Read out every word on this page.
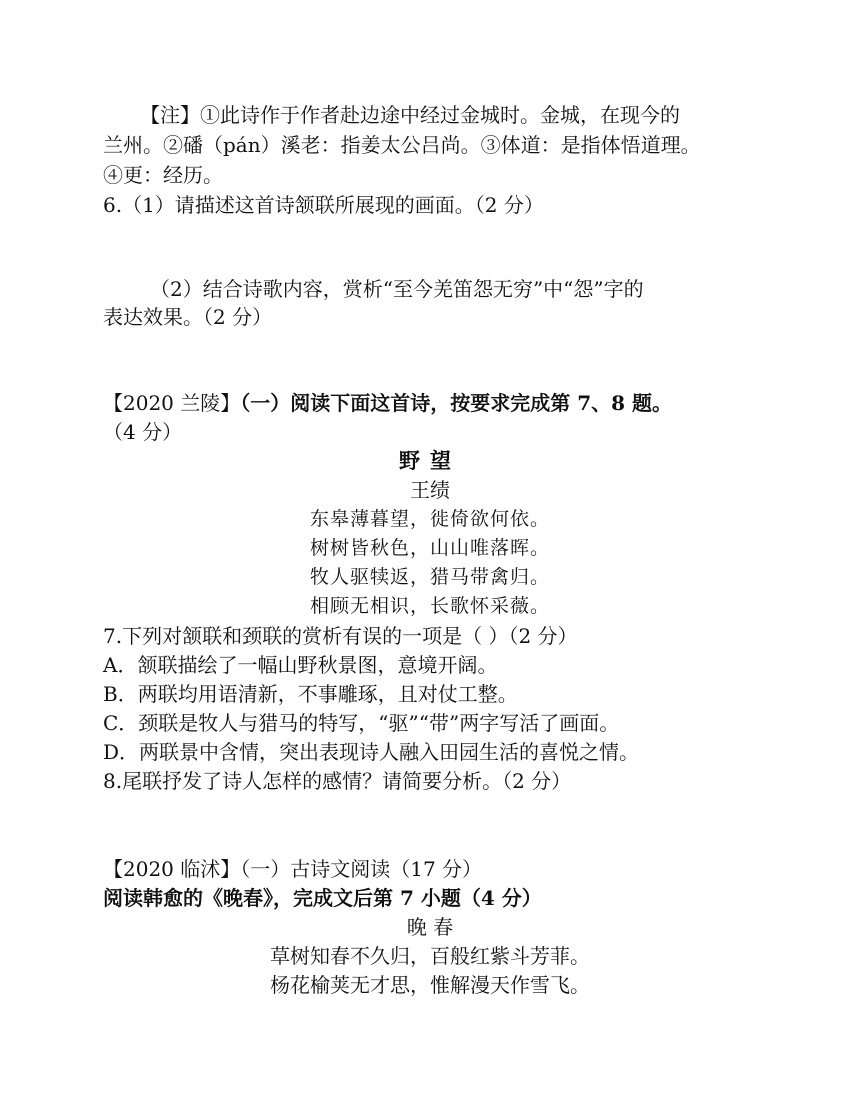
【注】①此诗作于作者赴边途中经过金城时。金城，在现今的
兰州。②磻（pán）溪老：指姜太公吕尚。③体道：是指体悟道理。
④更：经历。
6.（1）请描述这首诗颔联所展现的画面。（2 分）
（2）结合诗歌内容，赏析“至今羌笛怨无穷”中“怨”字的
表达效果。（2 分）
【2020 兰陵】（一）阅读下面这首诗，按要求完成第 7、8 题。
（4 分）
野望
王绩
东皋薄暮望，徙倚欲何依。
树树皆秋色，山山唯落晖。
牧人驱犊返，猎马带禽归。
相顾无相识，长歌怀采薇。
7.下列对颔联和颈联的赏析有误的一项是（ ）（2 分）
A．颔联描绘了一幅山野秋景图，意境开阔。
B．两联均用语清新，不事雕琢，且对仗工整。
C．颈联是牧人与猎马的特写，“驱”“带”两字写活了画面。
D．两联景中含情，突出表现诗人融入田园生活的喜悦之情。
8.尾联抒发了诗人怎样的感情？请简要分析。（2 分）
【2020 临沭】（一）古诗文阅读（17 分）
阅读韩愈的《晚春》，完成文后第 7 小题（4 分）
晚 春
草树知春不久归，百般红紫斗芳菲。
杨花榆荚无才思，惟解漫天作雪飞。
